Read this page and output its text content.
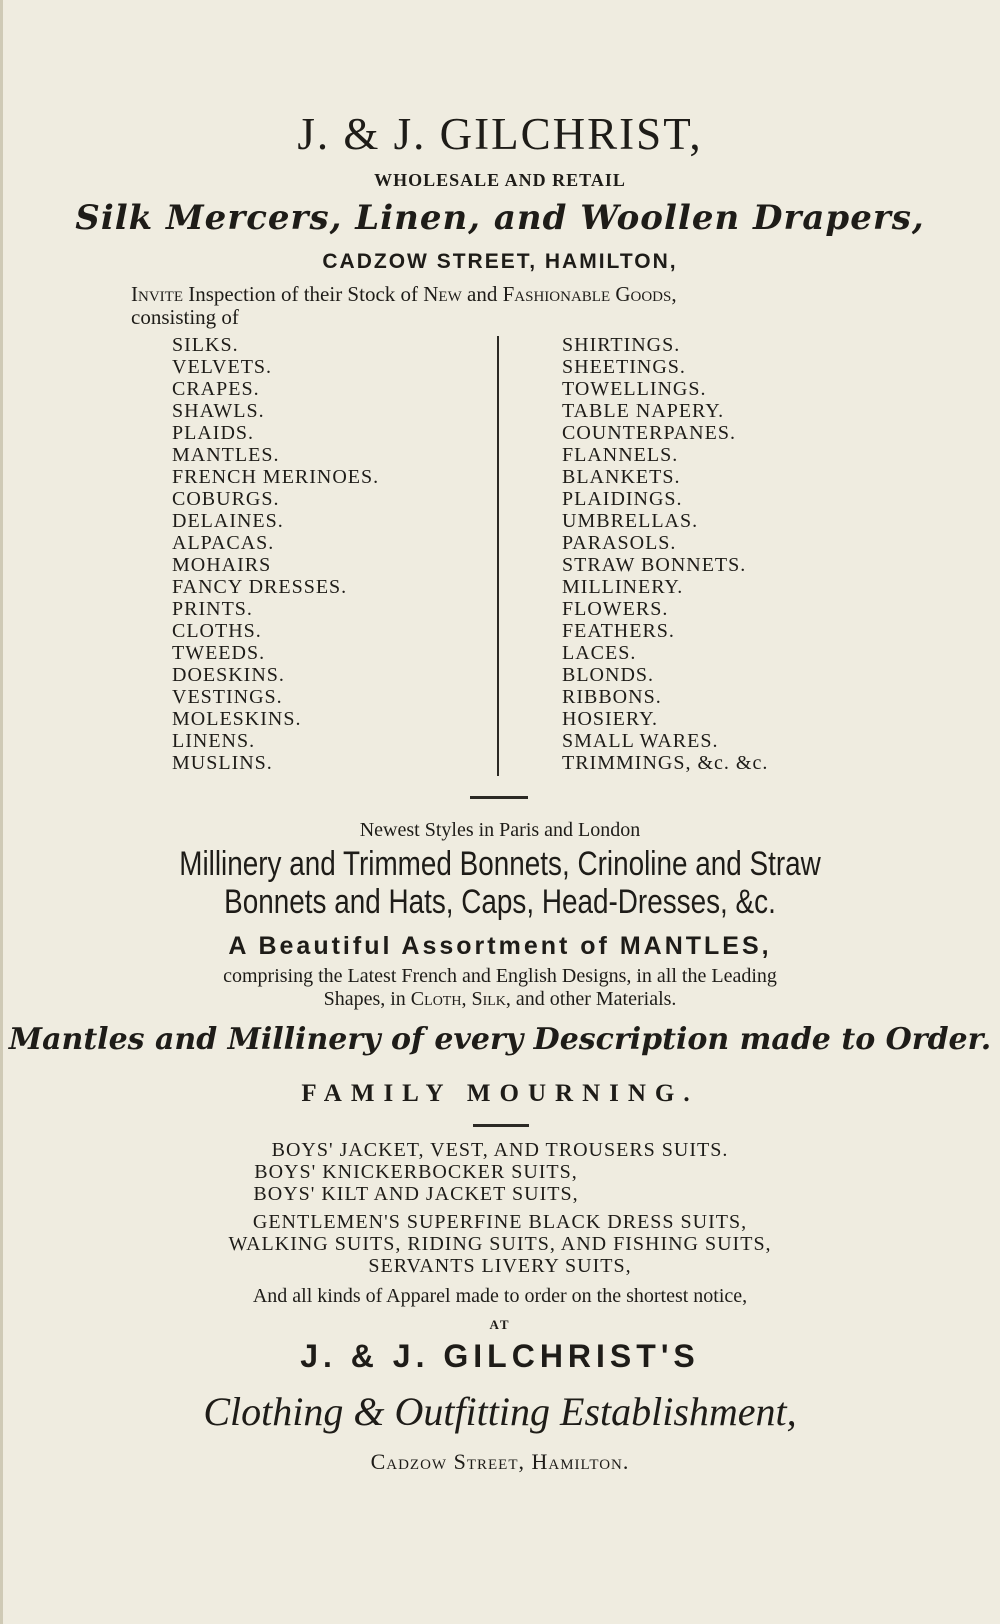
J. & J. GILCHRIST,
WHOLESALE AND RETAIL
Silk Mercers, Linen, and Woollen Drapers,
CADZOW STREET, HAMILTON,
Invite Inspection of their Stock of New and Fashionable Goods,
consisting of
SILKS.
VELVETS.
CRAPES.
SHAWLS.
PLAIDS.
MANTLES.
FRENCH MERINOES.
COBURGS.
DELAINES.
ALPACAS.
MOHAIRS
FANCY DRESSES.
PRINTS.
CLOTHS.
TWEEDS.
DOESKINS.
VESTINGS.
MOLESKINS.
LINENS.
MUSLINS.
SHIRTINGS.
SHEETINGS.
TOWELLINGS.
TABLE NAPERY.
COUNTERPANES.
FLANNELS.
BLANKETS.
PLAIDINGS.
UMBRELLAS.
PARASOLS.
STRAW BONNETS.
MILLINERY.
FLOWERS.
FEATHERS.
LACES.
BLONDS.
RIBBONS.
HOSIERY.
SMALL WARES.
TRIMMINGS, &c. &c.
Newest Styles in Paris and London
Millinery and Trimmed Bonnets, Crinoline and Straw
Bonnets and Hats, Caps, Head-Dresses, &c.
A Beautiful Assortment of MANTLES,
comprising the Latest French and English Designs, in all the Leading
Shapes, in Cloth, Silk, and other Materials.
Mantles and Millinery of every Description made to Order.
FAMILY MOURNING.
BOYS' JACKET, VEST, AND TROUSERS SUITS.
BOYS' KNICKERBOCKER SUITS,
BOYS' KILT AND JACKET SUITS,
GENTLEMEN'S SUPERFINE BLACK DRESS SUITS,
WALKING SUITS, RIDING SUITS, AND FISHING SUITS,
SERVANTS LIVERY SUITS,
And all kinds of Apparel made to order on the shortest notice,
AT
J. & J. GILCHRIST'S
Clothing & Outfitting Establishment,
Cadzow Street, Hamilton.
